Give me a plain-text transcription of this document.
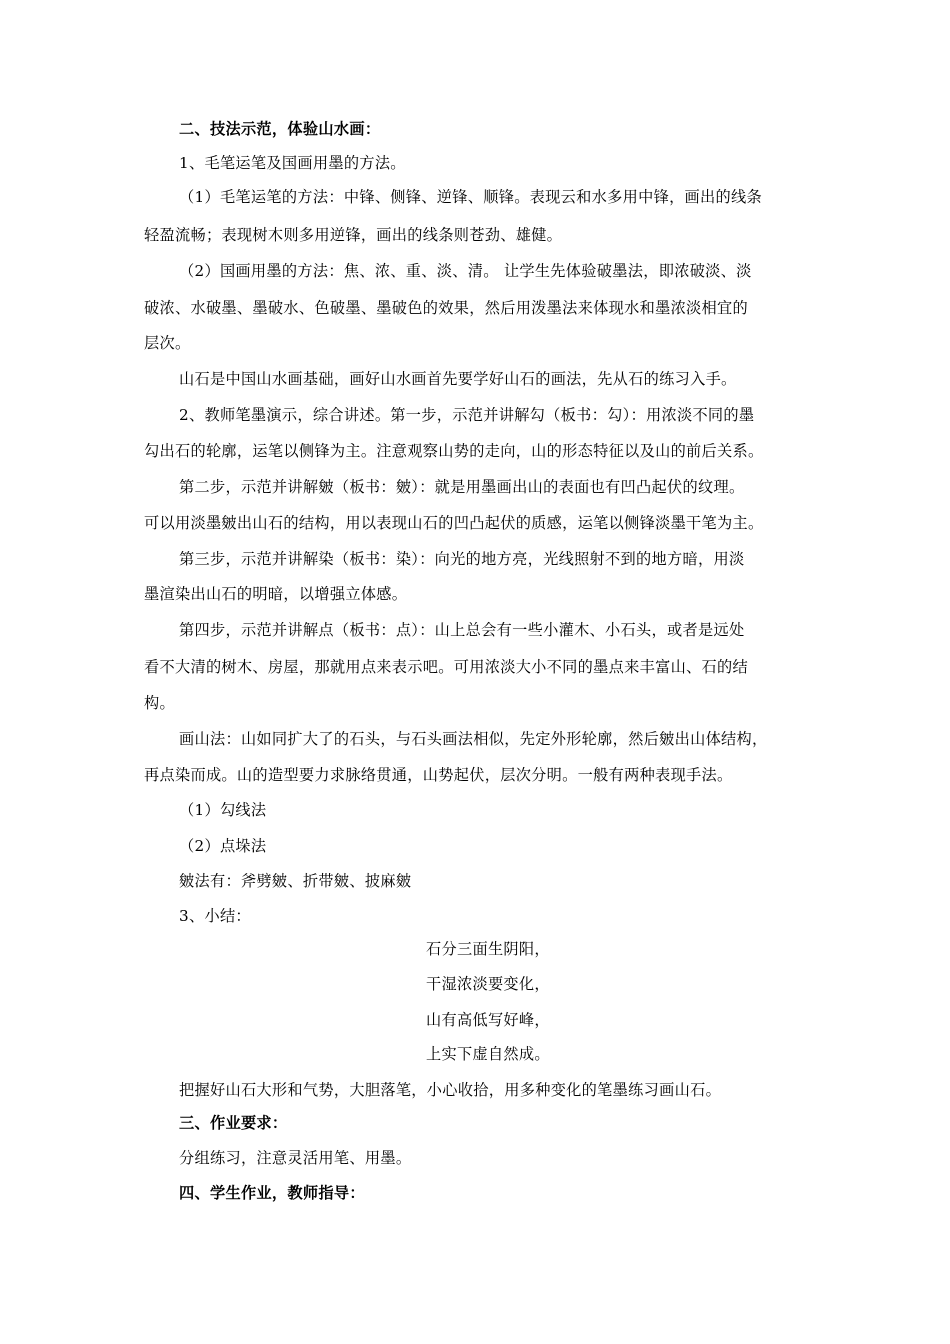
二、技法示范，体验山水画：
1、毛笔运笔及国画用墨的方法。
（1）毛笔运笔的方法：中锋、侧锋、逆锋、顺锋。表现云和水多用中锋，画出的线条
轻盈流畅；表现树木则多用逆锋，画出的线条则苍劲、雄健。
（2）国画用墨的方法：焦、浓、重、淡、清。 让学生先体验破墨法，即浓破淡、淡
破浓、水破墨、墨破水、色破墨、墨破色的效果，然后用泼墨法来体现水和墨浓淡相宜的
层次。
山石是中国山水画基础，画好山水画首先要学好山石的画法，先从石的练习入手。
2、教师笔墨演示，综合讲述。第一步，示范并讲解勾（板书：勾）：用浓淡不同的墨
勾出石的轮廓，运笔以侧锋为主。注意观察山势的走向，山的形态特征以及山的前后关系。
第二步，示范并讲解皴（板书：皴）：就是用墨画出山的表面也有凹凸起伏的纹理。
可以用淡墨皴出山石的结构，用以表现山石的凹凸起伏的质感，运笔以侧锋淡墨干笔为主。
第三步，示范并讲解染（板书：染）：向光的地方亮，光线照射不到的地方暗，用淡
墨渲染出山石的明暗，以增强立体感。
第四步，示范并讲解点（板书：点）：山上总会有一些小灌木、小石头，或者是远处
看不大清的树木、房屋，那就用点来表示吧。可用浓淡大小不同的墨点来丰富山、石的结
构。
画山法：山如同扩大了的石头，与石头画法相似，先定外形轮廓，然后皴出山体结构，
再点染而成。山的造型要力求脉络贯通，山势起伏，层次分明。一般有两种表现手法。
（1）勾线法
（2）点垛法
皴法有：斧劈皴、折带皴、披麻皴
3、小结：
石分三面生阴阳，
干湿浓淡要变化，
山有高低写好峰，
上实下虚自然成。
把握好山石大形和气势，大胆落笔，小心收拾，用多种变化的笔墨练习画山石。
三、作业要求：
分组练习，注意灵活用笔、用墨。
四、学生作业，教师指导：
